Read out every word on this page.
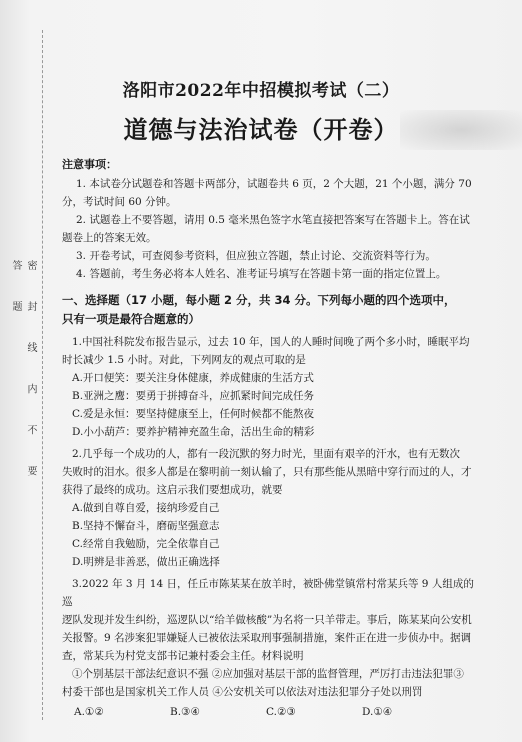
密 封 线 内 不 要 答 题
洛阳市2022年中招模拟考试（二）
道德与法治试卷（开卷）
注意事项：

1. 本试卷分试题卷和答题卡两部分，试题卷共 6 页，2 个大题，21 个小题，满分 70

分，考试时间 60 分钟。

2. 试题卷上不要答题，请用 0.5 毫米黑色签字水笔直接把答案写在答题卡上。答在试

题卷上的答案无效。

3. 开卷考试，可查阅参考资料，但应独立答题，禁止讨论、交流资料等行为。

4. 答题前，考生务必将本人姓名、准考证号填写在答题卡第一面的指定位置上。

一、选择题（17 小题，每小题 2 分，共 34 分。下列每小题的四个选项中，
只有一项是最符合题意的）

1.中国社科院发布报告显示，过去 10 年，国人的人睡时间晚了两个多小时，睡眠平均

时长减少 1.5 小时。对此，下列网友的观点可取的是

A.开口便笑：要关注身体健康，养成健康的生活方式

B.亚洲之鹰：要勇于拼搏奋斗，应抓紧时间完成任务

C.爱是永恒：要坚持健康至上，任何时候都不能熬夜

D.小小葫芦：要养护精神充盈生命，活出生命的精彩

2.几乎每一个成功的人，都有一段沉默的努力时光，里面有艰辛的汗水，也有无数次

失败时的泪水。很多人都是在黎明前一刻认输了，只有那些能从黑暗中穿行而过的人，才

获得了最终的成功。这启示我们要想成功，就要

A.做到自尊自爱，接纳珍爱自己

B.坚持不懈奋斗，磨砺坚强意志

C.经常自我勉励，完全依靠自己

D.明辨是非善恶，做出正确选择

3.2022 年 3 月 14 日，任丘市陈某某在放羊时，被卧佛堂镇常村常某兵等 9 人组成的巡

逻队发现并发生纠纷，巡逻队以“给羊做核酸”为名将一只羊带走。事后，陈某某向公安机

关报警。9 名涉案犯罪嫌疑人已被依法采取刑事强制措施，案件正在进一步侦办中。据调

查，常某兵为村党支部书记兼村委会主任。材料说明

①个别基层干部法纪意识不强 ②应加强对基层干部的监督管理，严厉打击违法犯罪③

村委干部也是国家机关工作人员 ④公安机关可以依法对违法犯罪分子处以刑罚

A.①②	B.③④	C.②③	D.①④
